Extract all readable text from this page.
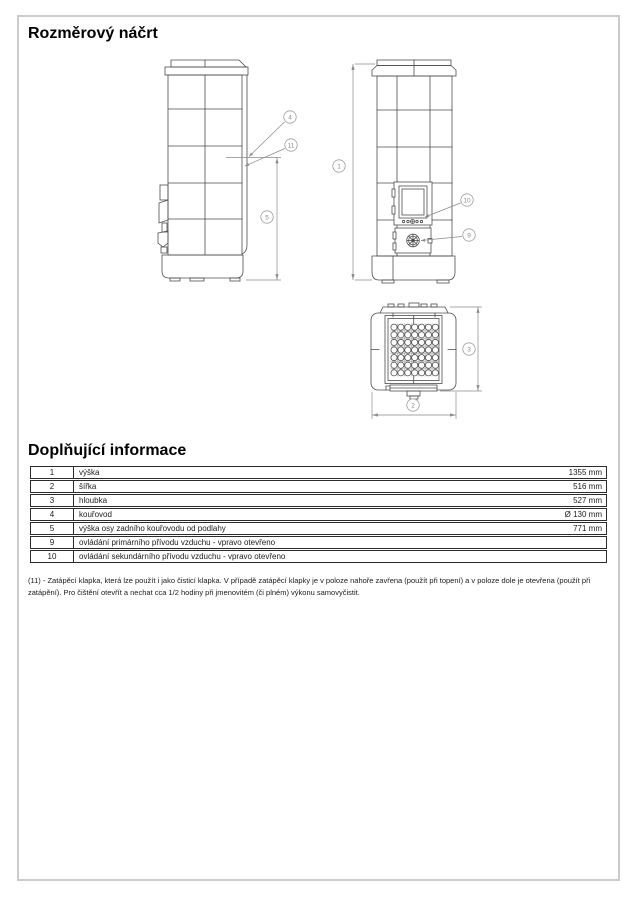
Rozměrový náčrt
4
11
5
1
10
9
3
2
Doplňující informace
1	výška	1355 mm
2	šířka	516 mm
3	hloubka	527 mm
4	kouřovod	Ø 130 mm
5	výška osy zadního kouřovodu od podlahy	771 mm
9	ovládání primárního přívodu vzduchu - vpravo otevřeno
10	ovládání sekundárního přívodu vzduchu - vpravo otevřeno

(11) - Zatápěcí klapka, která lze použít i jako čisticí klapka. V případě zatápěcí klapky je v poloze nahoře zavřena (použít při topení) a v poloze dole je otevřena (použít při zatápění). Pro čištění otevřít a nechat cca 1/2 hodiny při jmenovitém (či plném) výkonu samovyčistit.
